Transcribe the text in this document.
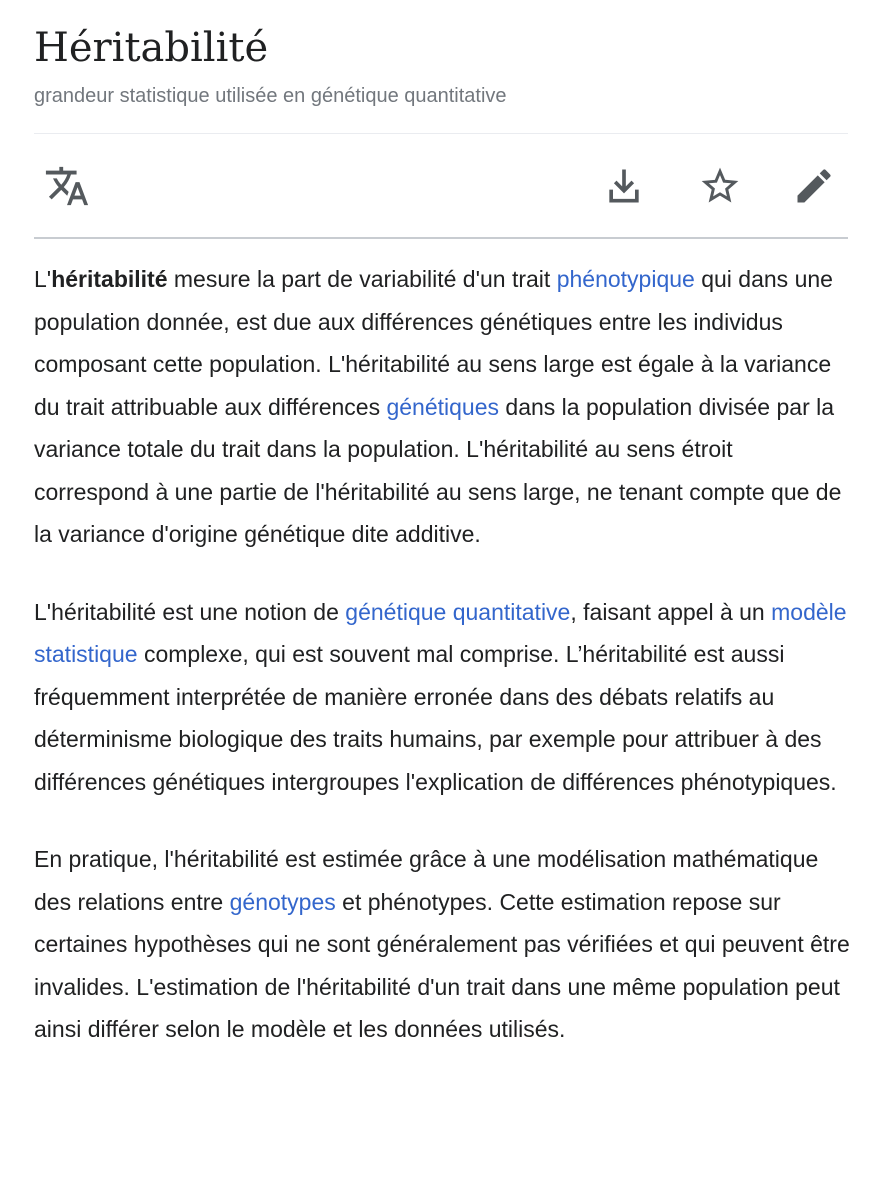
Héritabilité
grandeur statistique utilisée en génétique quantitative

L'héritabilité mesure la part de variabilité d'un trait phénotypique qui dans une population donnée, est due aux différences génétiques entre les individus composant cette population. L'héritabilité au sens large est égale à la variance du trait attribuable aux différences génétiques dans la population divisée par la variance totale du trait dans la population. L'héritabilité au sens étroit correspond à une partie de l'héritabilité au sens large, ne tenant compte que de la variance d'origine génétique dite additive.

L'héritabilité est une notion de génétique quantitative, faisant appel à un modèle statistique complexe, qui est souvent mal comprise. L’héritabilité est aussi fréquemment interprétée de manière erronée dans des débats relatifs au déterminisme biologique des traits humains, par exemple pour attribuer à des différences génétiques intergroupes l'explication de différences phénotypiques.

En pratique, l'héritabilité est estimée grâce à une modélisation mathématique des relations entre génotypes et phénotypes. Cette estimation repose sur certaines hypothèses qui ne sont généralement pas vérifiées et qui peuvent être invalides. L'estimation de l'héritabilité d'un trait dans une même population peut ainsi différer selon le modèle et les données utilisés.
